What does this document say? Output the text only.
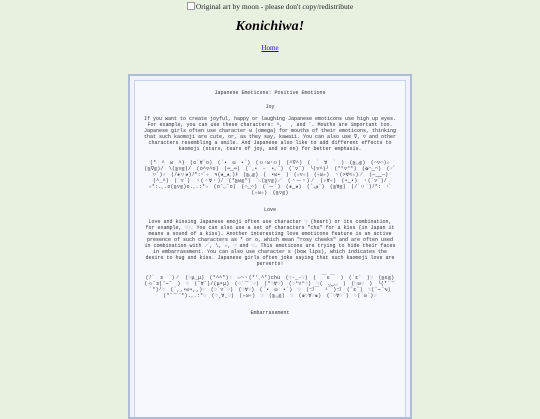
Original art by moon - please don't copy/redistribute
Konichiwa!
Home
Japanese Emoticons: Positive Emotions
Joy

If you want to create joyful, happy or laughing Japanese emoticons use high up eyes. For example, you can use these characters: ^, 　, and ¨. Mouths are important too. Japanese girls often use character ω (omega) for mouths of their emoticons, thinking that such kaomoji are cute, or, as they say, kawaii. You can also use ∇, ▽ and other characters resembling a smile. And Japanese also like to add different effects to kaomoji (stars, tears of joy, and so on) for better emphasis.

(* ^ ω ^) (o´∀`o) (´• ω •`) (ｏ･ω･ｏ) (^∇^) ( ´ ∀ ` ) (≧◡≦) (⌒▽⌒)☆ (≧∇≦)/ \(≧▽≦)/ (o^▽^o) (⌓‿⌓) (´｡• ᵕ •｡`) (˘▽˘) ╰(▽^)╯ (*°▽°*) (✿◠‿◠) (☞ﾟヮﾟ)☞ (ﾉ◕ヮ◕)ﾉ*:･ﾟ✧ ٩(◕‿◕｡)۶ (≧◡≦) ( •ω• ) (☆▽☆) (✧ω✧) ヽ(>∀<☆)ノ (─‿‿─) (^_^) (´▽`) ヽ(・∀・)ﾉ (*≧ω≦*) ＼(≧▽≦)／ (＾ー＾)ノ (✧∀✧) (•‿•) ヽ(´▽`)/ ☆*:.｡.o(≧▽≦)o.｡.:*☆ (o˘◡˘o) (⌒‿⌒) (´ー`) (◕‿◕) (ˆڡˆ) (≧∀≦) (ﾉ´ヮ`)ﾉ*: ･ﾟ (☆ω☆) (≧▽≦)

Love

Love and kissing Japanese emoji often use character ♡ (heart) or its combination, for example, ♡♡. You can also use a set of characters "chu" for a kiss (in Japan it means a sound of a kiss). Another interesting love emoticons feature is an active presence of such characters as * or o, which mean "rosy cheeks" and are often used in combination with ／, \, ☆, ♡ and ♡. This emoticons are trying to hide their faces in embarrassment. You can also use character ε (bow lips), which indicates the desire to hug and kiss. Japanese girls often joke saying that such kaomoji love are perverts!

(ﾉ´ з `)ノ (♡μ_μ) (*^^*)♡ ☆⌒ヽ(*'､^*)chu (♡-_-♡) ( ￣ε￣ ) (´ε` )♡ (≧ε≦) (っ˘з(˘⌣˘ ) ♡ (˘∀˘)/(μ‣μ) (♡˙︶˙♡) (*♡∀♡) (♡°▽°♡) ♡( ◡‿◡ ) (♡ω♡ ) ╰(*´︶`*)╯♡ (´,,•ω•,,)♡ (♡´▽`♡) (♡∀♡) (´• ω •`) ♡ (づ￣ ³￣)づ (ˆεˆ) ♡(ˆ⌣ˆԅ) (*˘︶˘*).｡.:*♡ (♡ˬ∀ˬ♡) (✧ω✧) ♡ (≧◡≦) ♡ (๑♡∀♡๑) (´♡∀♡`) ♡(´ω`)♡

Embarrassment
